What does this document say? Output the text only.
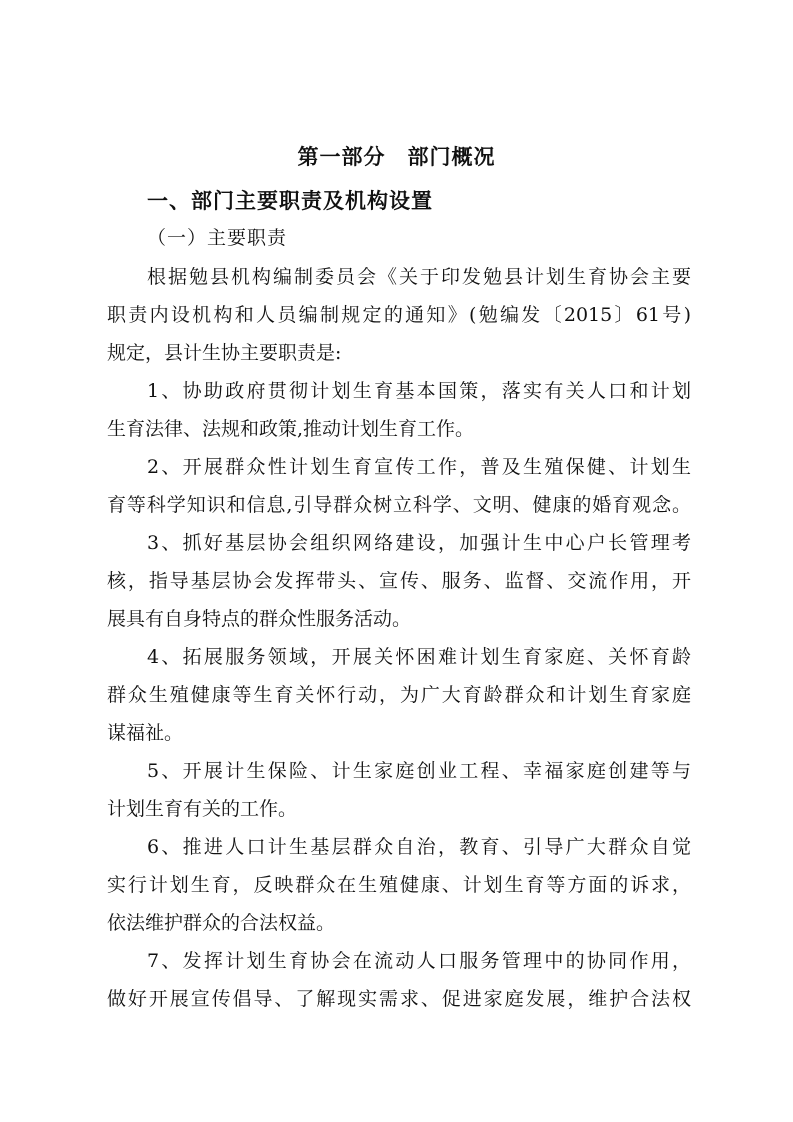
第一部分 部门概况
一、部门主要职责及机构设置
（一）主要职责
根据勉县机构编制委员会《关于印发勉县计划生育协会主要
职责内设机构和人员编制规定的通知》(勉编发〔2015〕61号)
规定，县计生协主要职责是:
1、协助政府贯彻计划生育基本国策，落实有关人口和计划
生育法律、法规和政策,推动计划生育工作。
2、开展群众性计划生育宣传工作，普及生殖保健、计划生
育等科学知识和信息,引导群众树立科学、文明、健康的婚育观念。
3、抓好基层协会组织网络建设，加强计生中心户长管理考
核，指导基层协会发挥带头、宣传、服务、监督、交流作用，开
展具有自身特点的群众性服务活动。
4、拓展服务领域，开展关怀困难计划生育家庭、关怀育龄
群众生殖健康等生育关怀行动，为广大育龄群众和计划生育家庭
谋福祉。
5、开展计生保险、计生家庭创业工程、幸福家庭创建等与
计划生育有关的工作。
6、推进人口计生基层群众自治，教育、引导广大群众自觉
实行计划生育，反映群众在生殖健康、计划生育等方面的诉求，
依法维护群众的合法权益。
7、发挥计划生育协会在流动人口服务管理中的协同作用，
做好开展宣传倡导、了解现实需求、促进家庭发展，维护合法权
